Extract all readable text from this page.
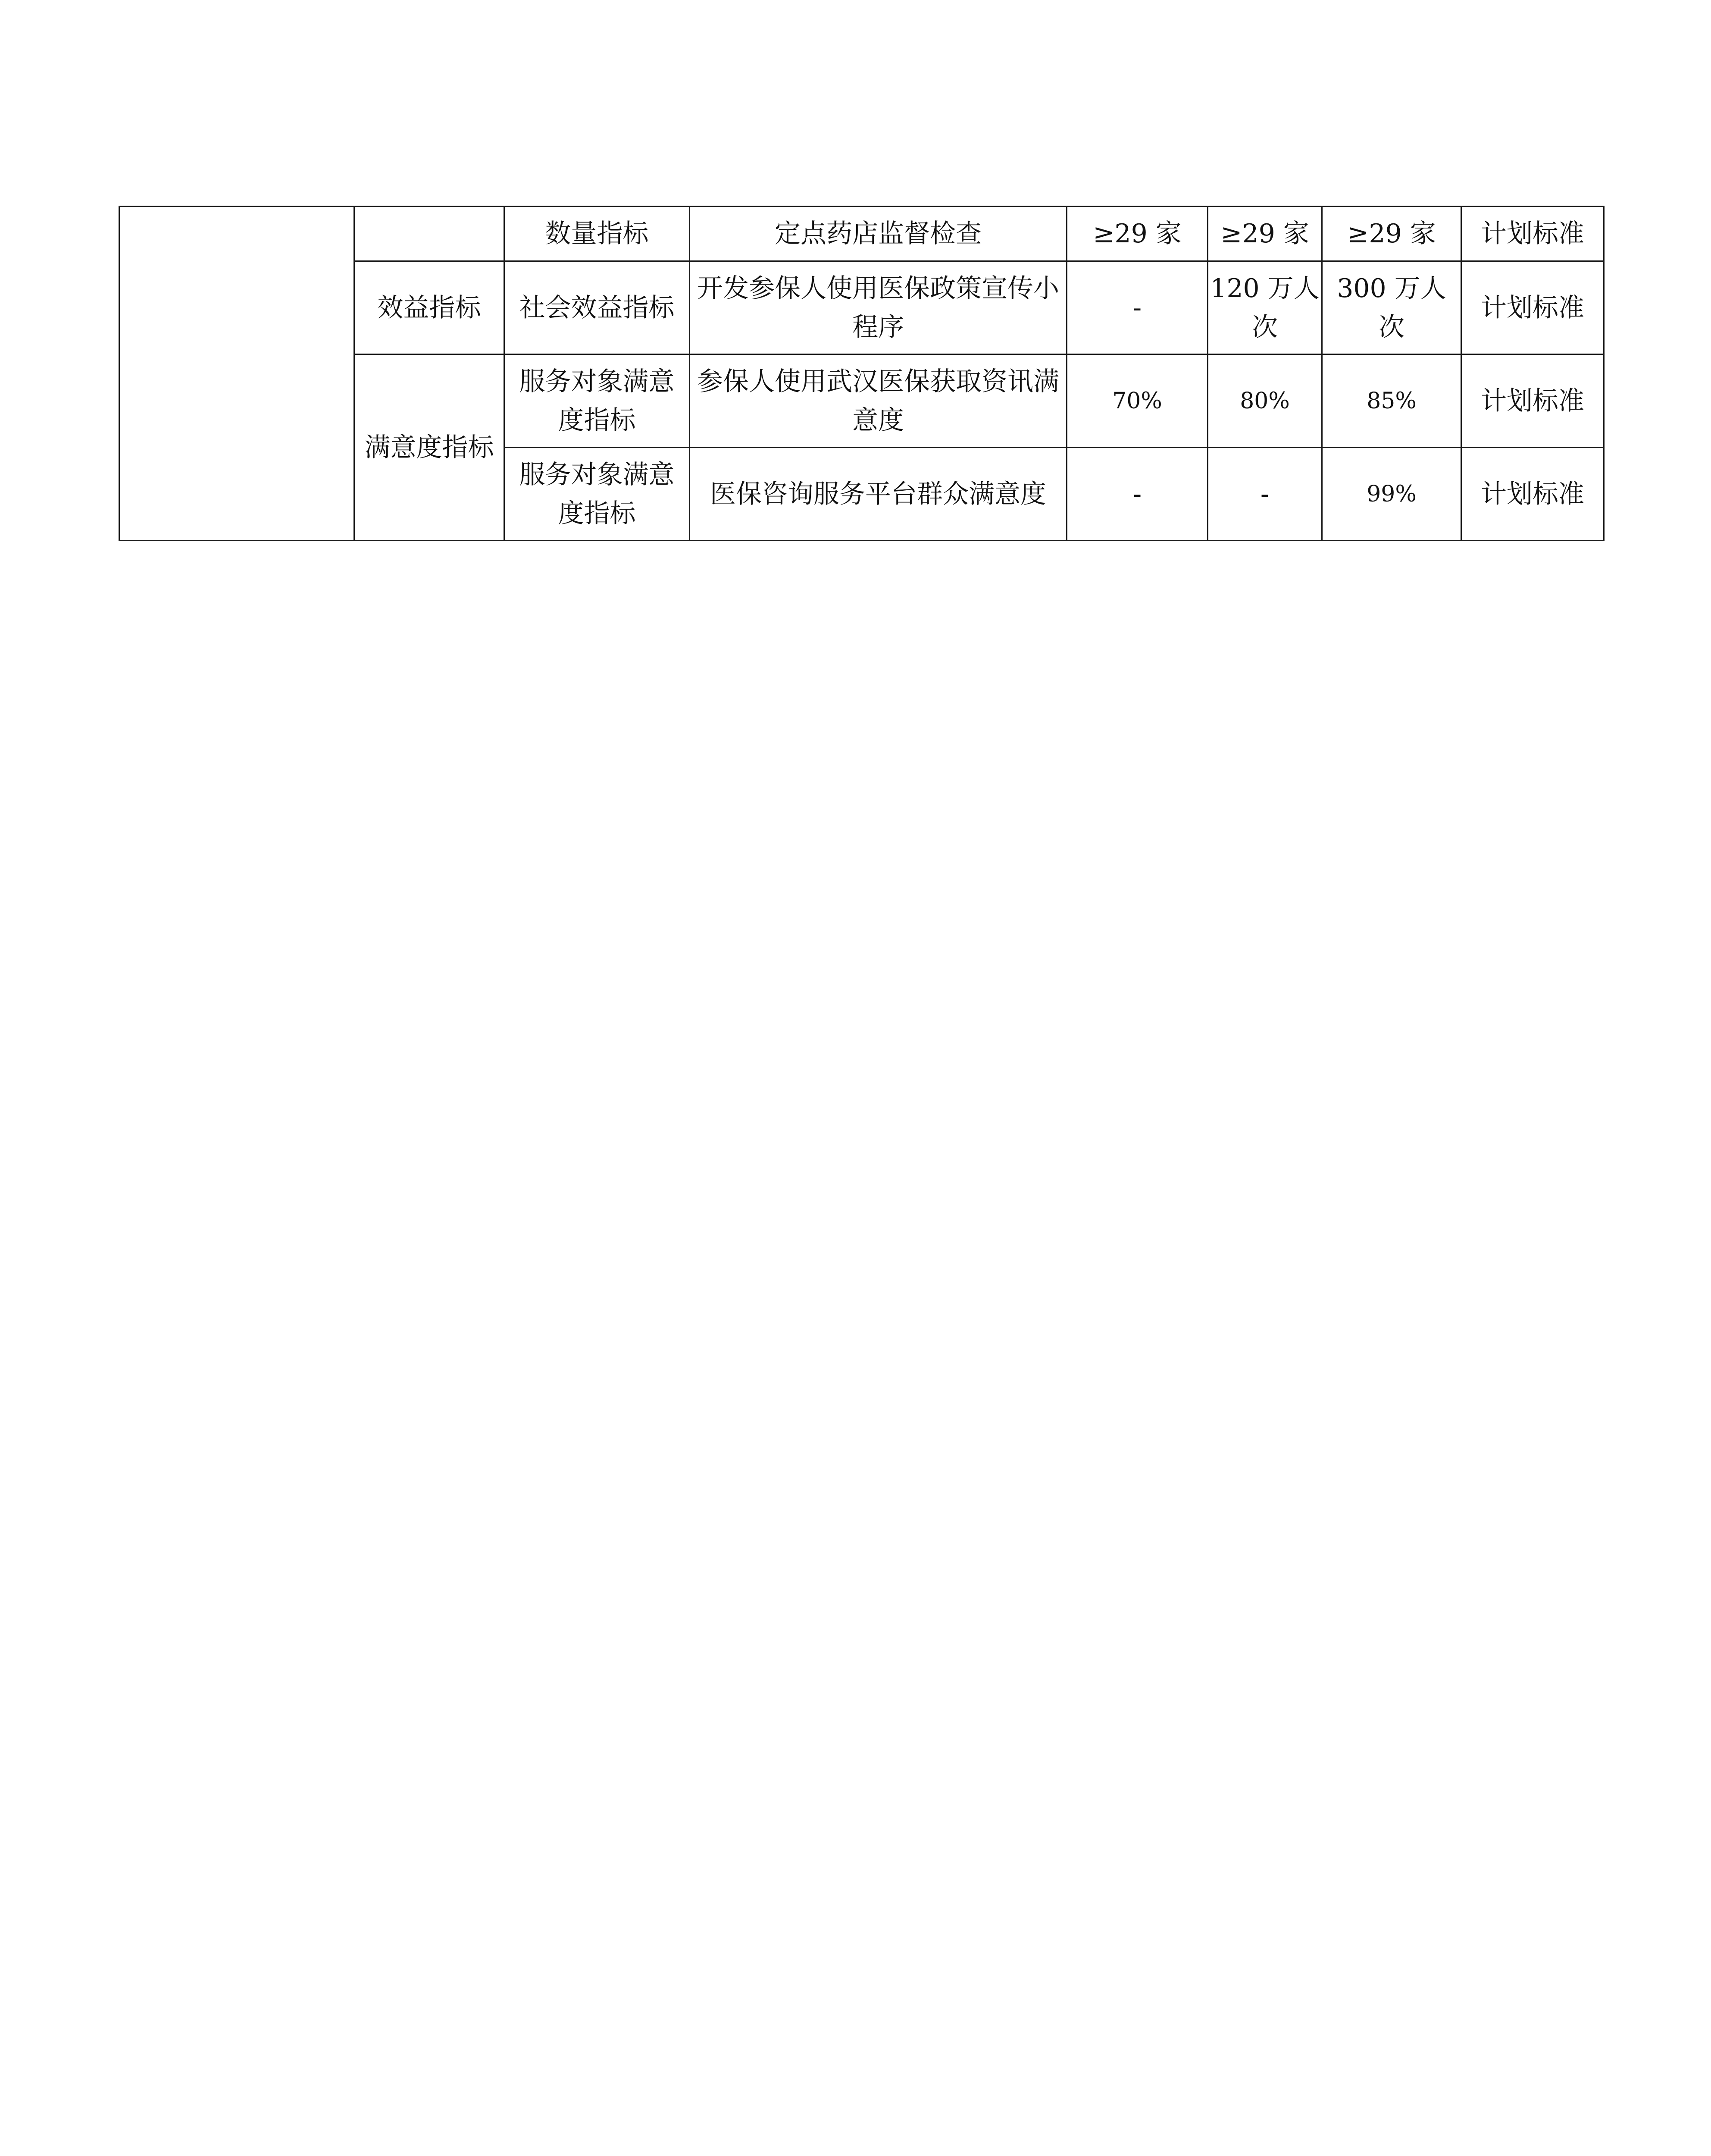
		数量指标	定点药店监督检查	≥29 家	≥29 家	≥29 家	计划标准
	效益指标	社会效益指标	开发参保人使用医保政策宣传小程序	-	120 万人次	300 万人次	计划标准
	满意度指标	服务对象满意度指标	参保人使用武汉医保获取资讯满意度	70%	80%	85%	计划标准
		服务对象满意度指标	医保咨询服务平台群众满意度	-	-	99%	计划标准
